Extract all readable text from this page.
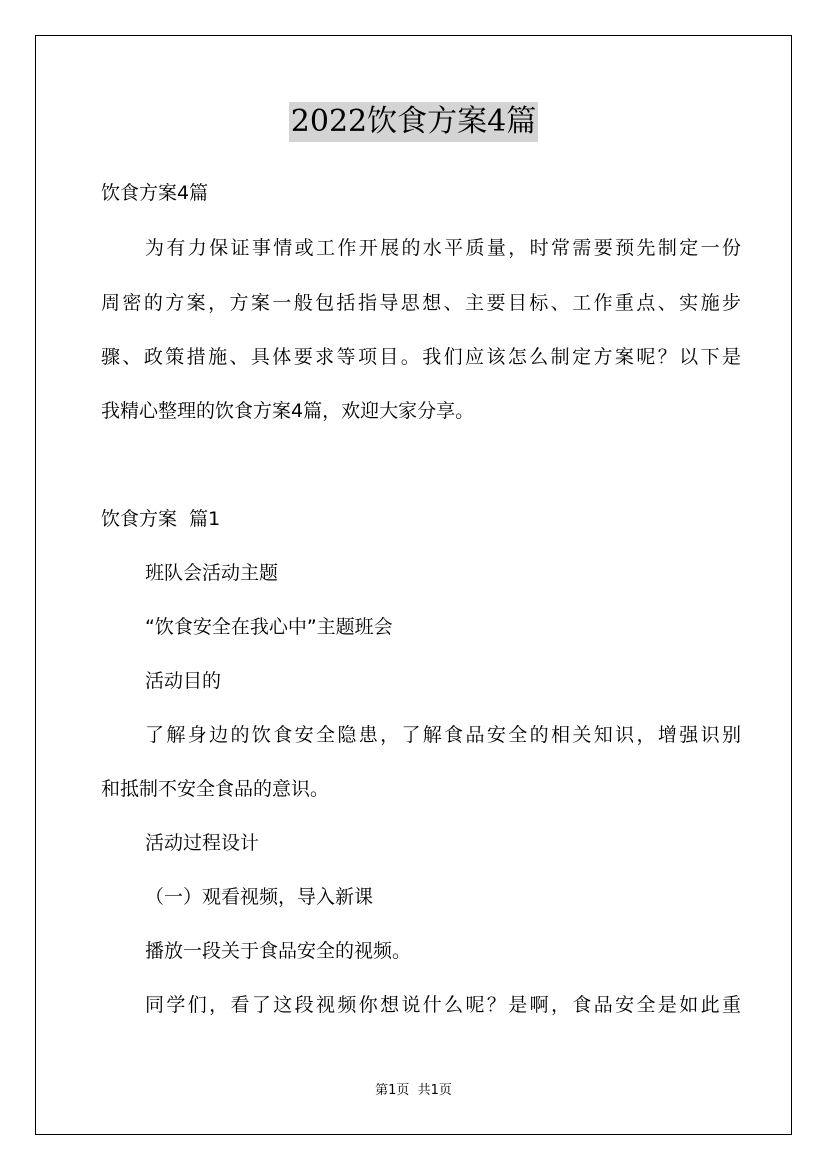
2022饮食方案4篇
饮食方案4篇
为有力保证事情或工作开展的水平质量，时常需要预先制定一份
周密的方案，方案一般包括指导思想、主要目标、工作重点、实施步
骤、政策措施、具体要求等项目。我们应该怎么制定方案呢？以下是
我精心整理的饮食方案4篇，欢迎大家分享。
饮食方案  篇1
班队会活动主题
“饮食安全在我心中”主题班会
活动目的
了解身边的饮食安全隐患，了解食品安全的相关知识，增强识别
和抵制不安全食品的意识。
活动过程设计
（一）观看视频，导入新课
播放一段关于食品安全的视频。
同学们，看了这段视频你想说什么呢？是啊，食品安全是如此重
第1页  共1页
